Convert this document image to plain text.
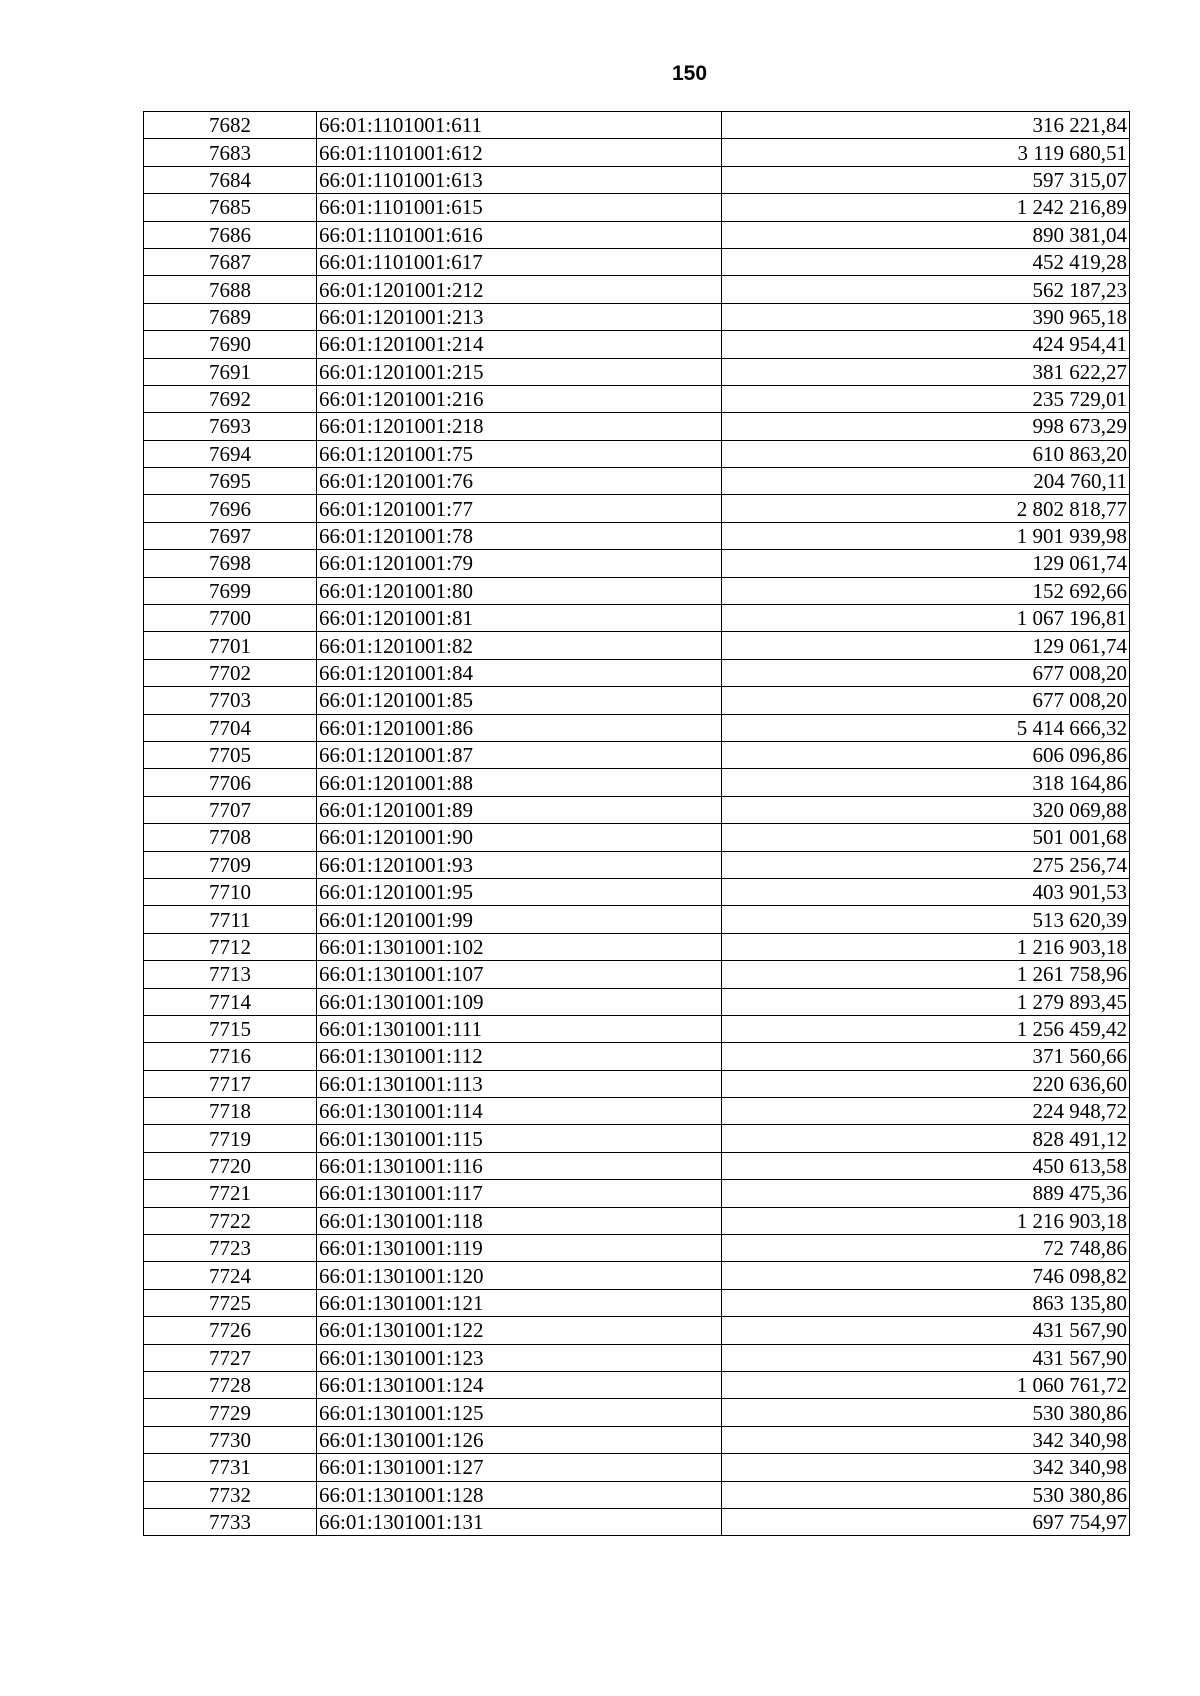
150
7682	66:01:1101001:611	316 221,84
7683	66:01:1101001:612	3 119 680,51
7684	66:01:1101001:613	597 315,07
7685	66:01:1101001:615	1 242 216,89
7686	66:01:1101001:616	890 381,04
7687	66:01:1101001:617	452 419,28
7688	66:01:1201001:212	562 187,23
7689	66:01:1201001:213	390 965,18
7690	66:01:1201001:214	424 954,41
7691	66:01:1201001:215	381 622,27
7692	66:01:1201001:216	235 729,01
7693	66:01:1201001:218	998 673,29
7694	66:01:1201001:75	610 863,20
7695	66:01:1201001:76	204 760,11
7696	66:01:1201001:77	2 802 818,77
7697	66:01:1201001:78	1 901 939,98
7698	66:01:1201001:79	129 061,74
7699	66:01:1201001:80	152 692,66
7700	66:01:1201001:81	1 067 196,81
7701	66:01:1201001:82	129 061,74
7702	66:01:1201001:84	677 008,20
7703	66:01:1201001:85	677 008,20
7704	66:01:1201001:86	5 414 666,32
7705	66:01:1201001:87	606 096,86
7706	66:01:1201001:88	318 164,86
7707	66:01:1201001:89	320 069,88
7708	66:01:1201001:90	501 001,68
7709	66:01:1201001:93	275 256,74
7710	66:01:1201001:95	403 901,53
7711	66:01:1201001:99	513 620,39
7712	66:01:1301001:102	1 216 903,18
7713	66:01:1301001:107	1 261 758,96
7714	66:01:1301001:109	1 279 893,45
7715	66:01:1301001:111	1 256 459,42
7716	66:01:1301001:112	371 560,66
7717	66:01:1301001:113	220 636,60
7718	66:01:1301001:114	224 948,72
7719	66:01:1301001:115	828 491,12
7720	66:01:1301001:116	450 613,58
7721	66:01:1301001:117	889 475,36
7722	66:01:1301001:118	1 216 903,18
7723	66:01:1301001:119	72 748,86
7724	66:01:1301001:120	746 098,82
7725	66:01:1301001:121	863 135,80
7726	66:01:1301001:122	431 567,90
7727	66:01:1301001:123	431 567,90
7728	66:01:1301001:124	1 060 761,72
7729	66:01:1301001:125	530 380,86
7730	66:01:1301001:126	342 340,98
7731	66:01:1301001:127	342 340,98
7732	66:01:1301001:128	530 380,86
7733	66:01:1301001:131	697 754,97
